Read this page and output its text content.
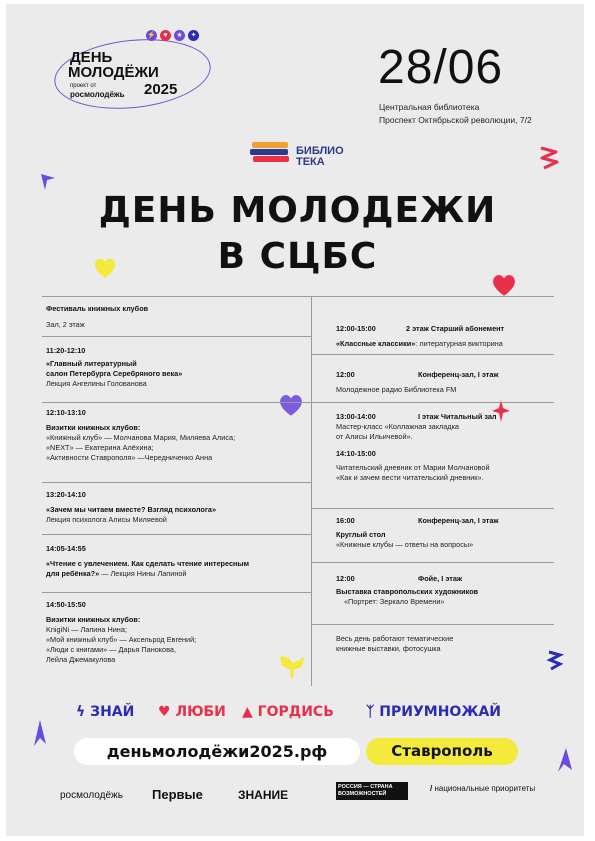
⚡	♥	★	✦
ДЕНЬ
МОЛОДЁЖИ
проект от
росмолодёжь 2025	28/06
Центральная библиотека
Проспект Октябрьской революции, 7/2
БИБЛИО
ТЕКА
ДЕНЬ МОЛОДЕЖИ
В СЦБС
Фестиваль книжных клубов
Зал, 2 этаж
11:20-12:10
«Главный литературный
салон Петербурга Серебряного века»
Лекция Ангелины Голованова
12:10-13:10
Визитки книжных клубов:
«Книжный клуб» — Молчанова Мария, Миляева Алиса;
«NEXT» — Екатерина Алёхина;
«Активности Ставрополя» —Чередниченко Анна
13:20-14:10
«Зачем мы читаем вместе? Взгляд психолога»
Лекция психолога Алисы Миляевой
14:05-14:55
«Чтение с увлечением. Как сделать чтение интересным
для ребёнка?» — Лекция Нины Лапиной
14:50-15:50
Визитки книжных клубов:
KnigiNi — Лапина Нина;
«Мой книжный клуб» — Аксельрод Евгений;
«Люди с книгами» — Дарья Панокова,
Лейла Джемакулова
12:00-15:00	2 этаж Старший абонемент

«Классные классики»: литературная викторина
12:00	Конференц-зал, I этаж

Молодежное радио Библиотека FM
13:00-14:00	I этаж Читальный зал

Мастер-класс «Коллажная закладка
от Алисы Ильичевой».
14:10-15:00
Читательский дневник от Марии Молчановой
«Как и зачем вести читательский дневник».
16:00	Конференц-зал, I этаж

Круглый стол
«Книжные клубы — ответы на вопросы»
12:00	Фойе, I этаж

Выставка ставропольских художников
«Портрет: Зеркало Времени»
Весь день работают тематические
книжные выставки, фотосушка
ϟ ЗНАЙ ♥ ЛЮБИ ▲ ГОРДИСЬ ᛉ ПРИУМНОЖАЙ
деньмолодёжи2025.рф	Ставрополь
росмолодёжь Первые	ЗНАНИЕ
РОССИЯ — СТРАНА ВОЗМОЖНОСТЕЙ
/ национальные приоритеты
